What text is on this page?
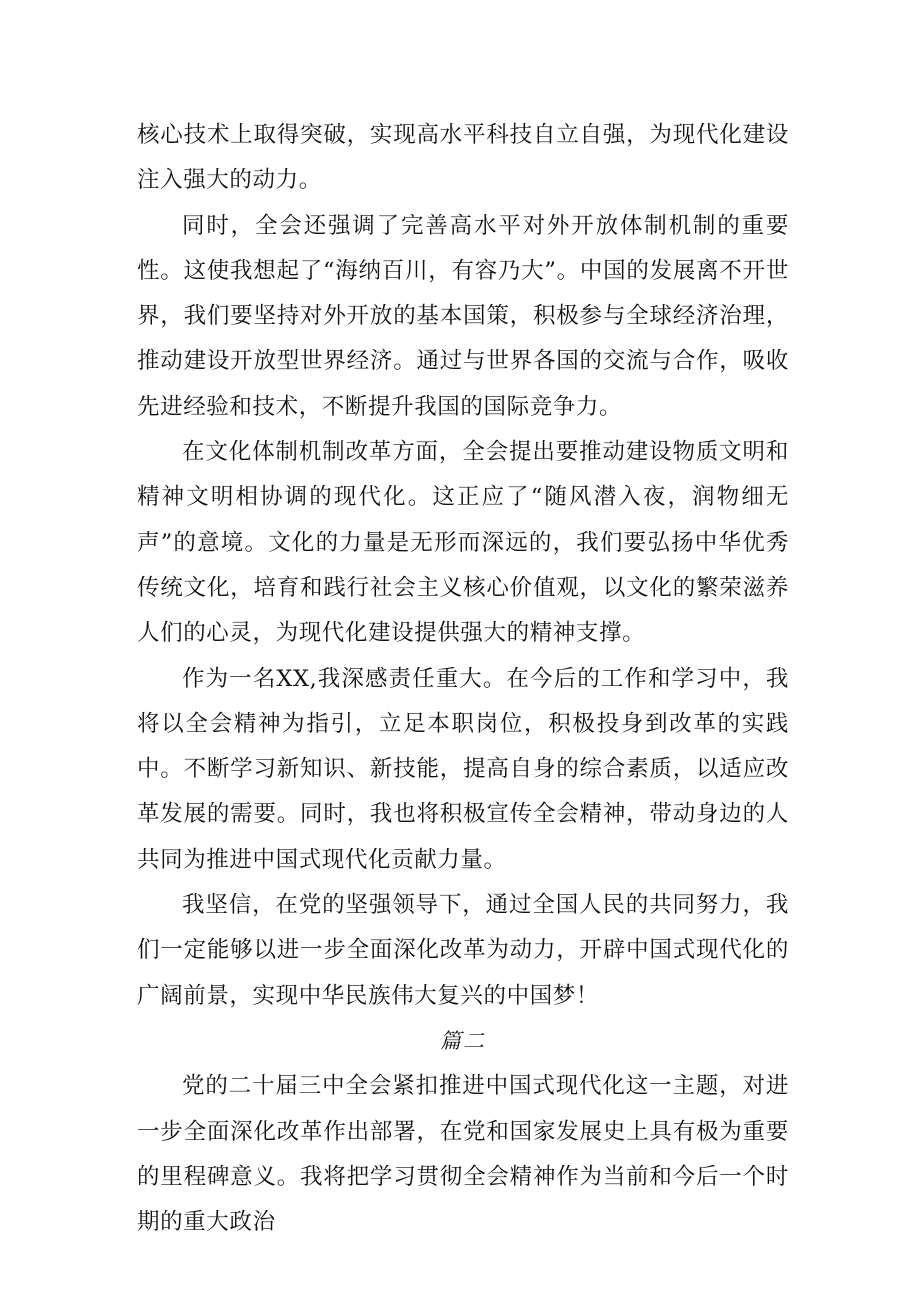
核心技术上取得突破，实现高水平科技自立自强，为现代化建设注入强大的动力。

同时，全会还强调了完善高水平对外开放体制机制的重要性。这使我想起了“海纳百川，有容乃大”。中国的发展离不开世界，我们要坚持对外开放的基本国策，积极参与全球经济治理，推动建设开放型世界经济。通过与世界各国的交流与合作，吸收先进经验和技术，不断提升我国的国际竞争力。

在文化体制机制改革方面，全会提出要推动建设物质文明和精神文明相协调的现代化。这正应了“随风潜入夜，润物细无声”的意境。文化的力量是无形而深远的，我们要弘扬中华优秀传统文化，培育和践行社会主义核心价值观，以文化的繁荣滋养人们的心灵，为现代化建设提供强大的精神支撑。

作为一名XX,我深感责任重大。在今后的工作和学习中，我将以全会精神为指引，立足本职岗位，积极投身到改革的实践中。不断学习新知识、新技能，提高自身的综合素质，以适应改革发展的需要。同时，我也将积极宣传全会精神，带动身边的人共同为推进中国式现代化贡献力量。

我坚信，在党的坚强领导下，通过全国人民的共同努力，我们一定能够以进一步全面深化改革为动力，开辟中国式现代化的广阔前景，实现中华民族伟大复兴的中国梦！

篇二

党的二十届三中全会紧扣推进中国式现代化这一主题，对进一步全面深化改革作出部署，在党和国家发展史上具有极为重要的里程碑意义。我将把学习贯彻全会精神作为当前和今后一个时期的重大政治
